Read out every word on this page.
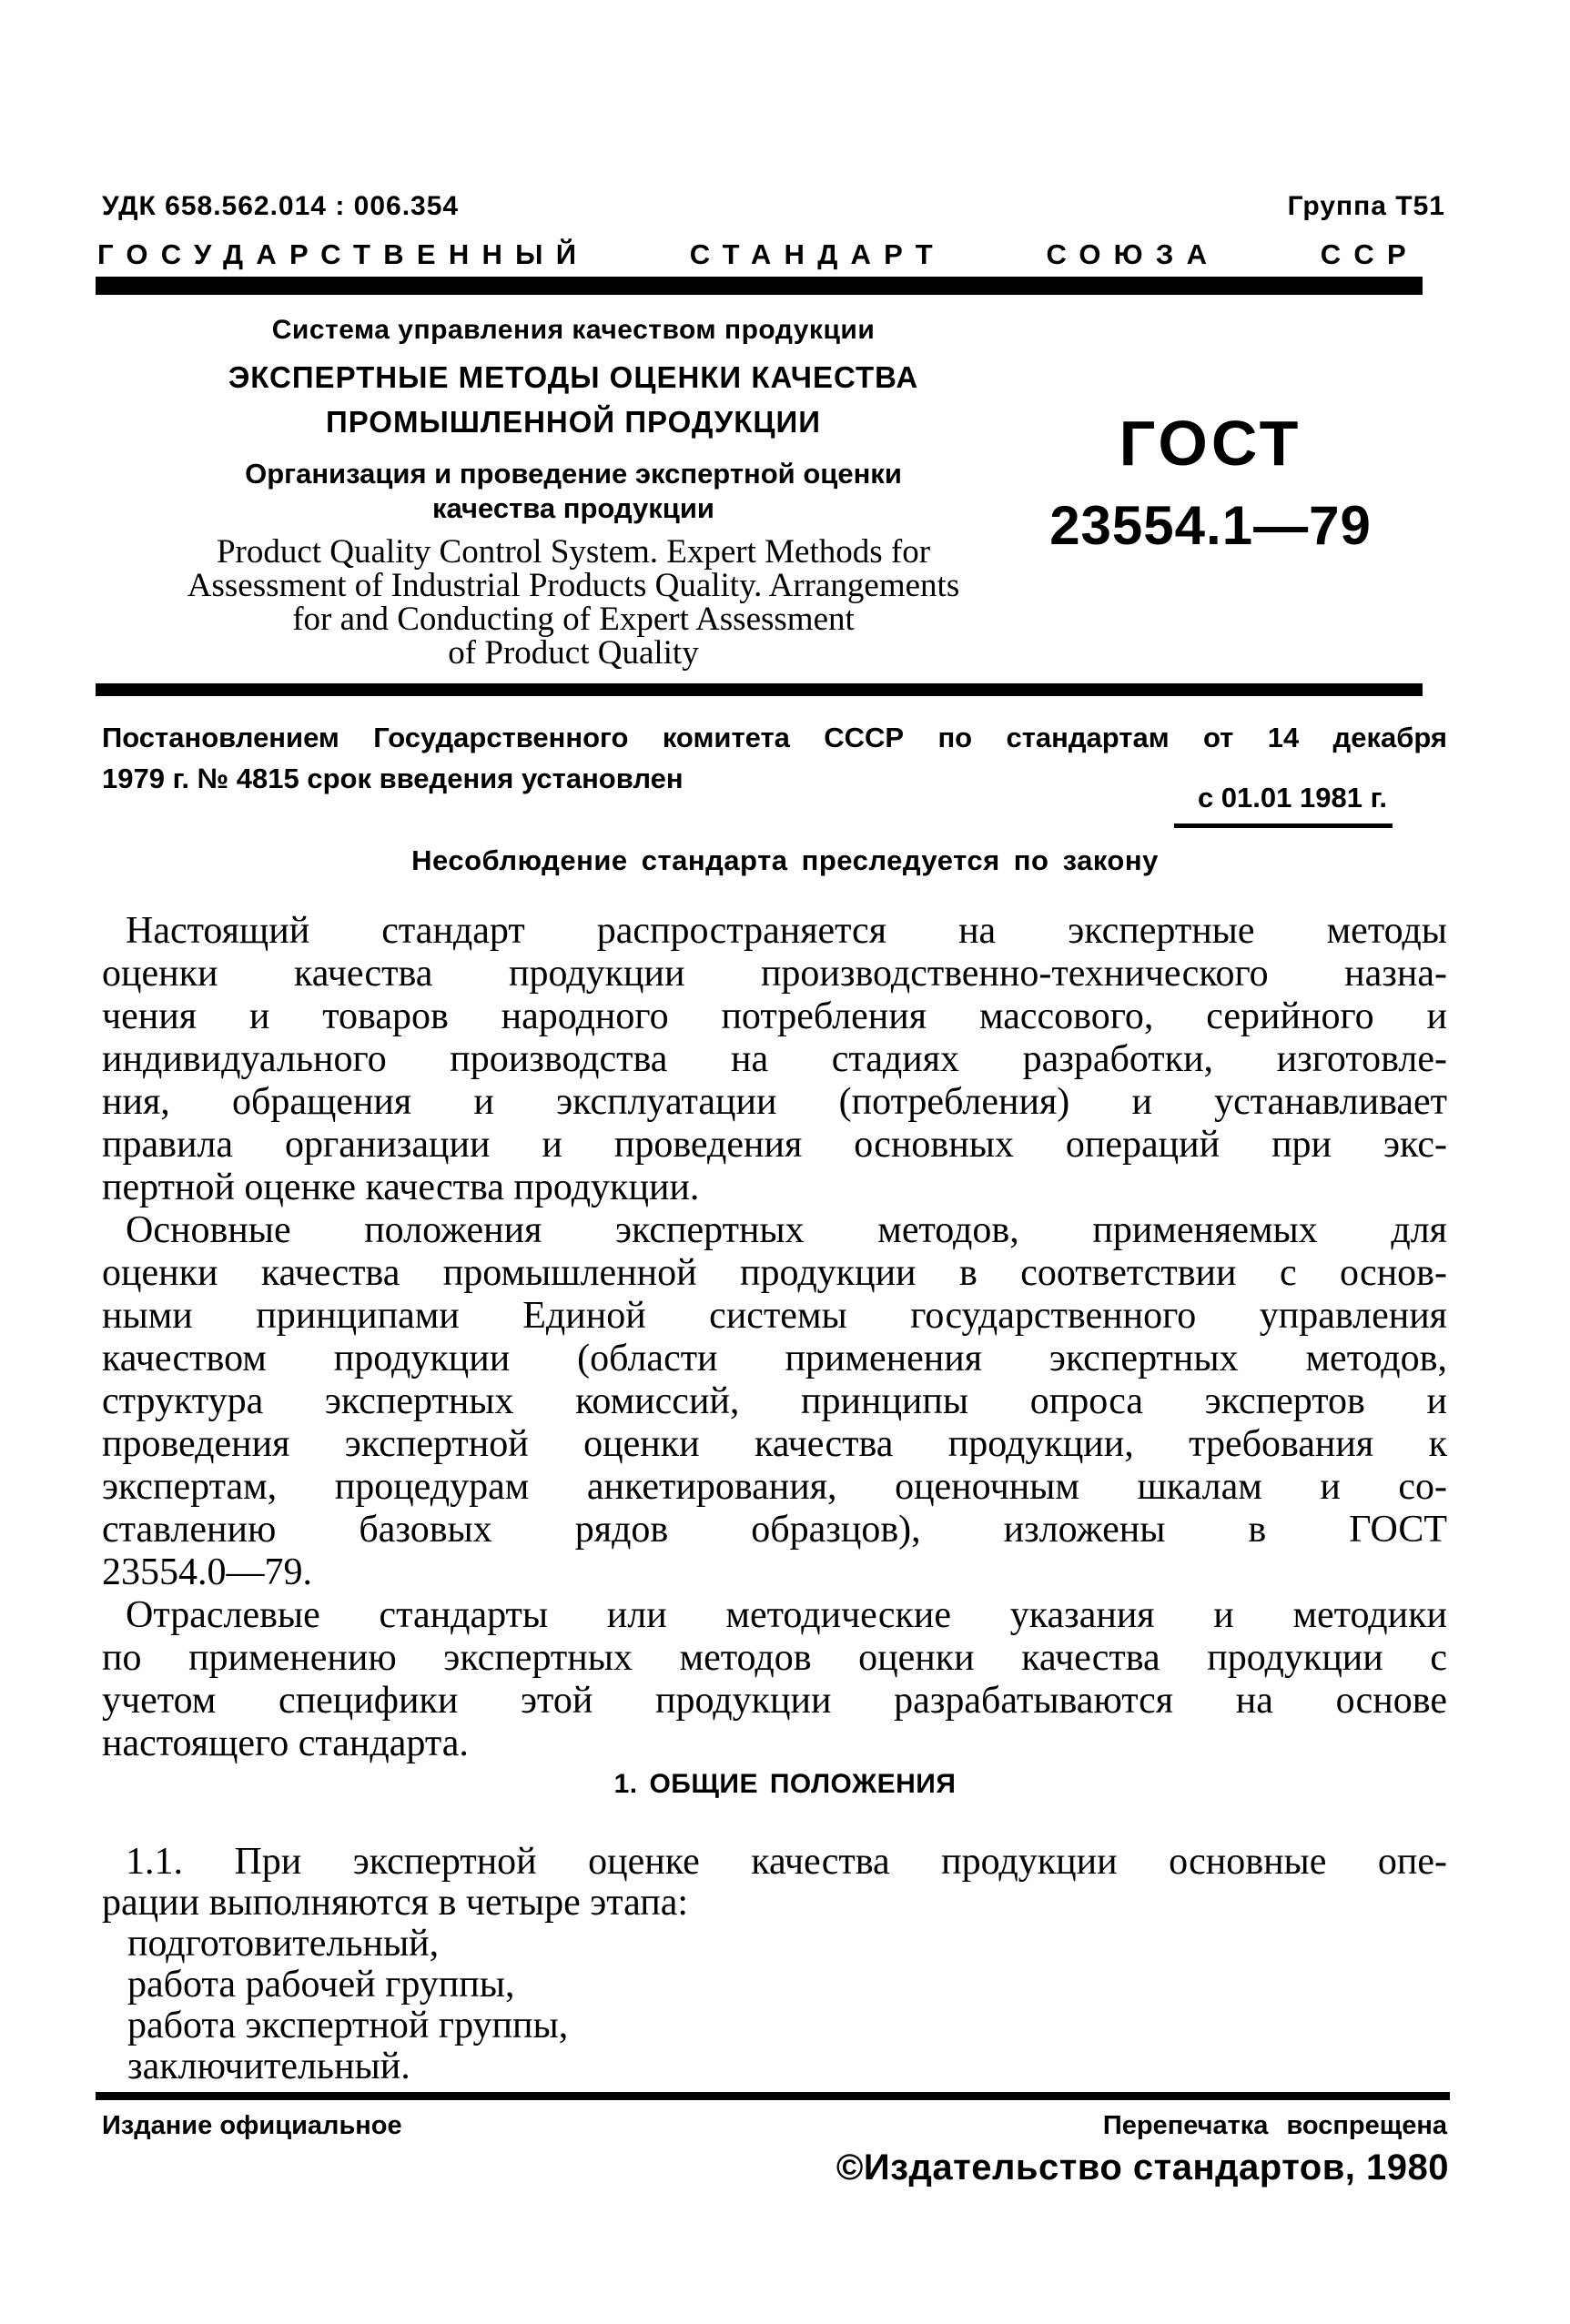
УДК 658.562.014 : 006.354	Группа Т51
ГОСУДАРСТВЕННЫЙ	СТАНДАРТ	СОЮЗА	ССР
Система управления качеством продукции
ЭКСПЕРТНЫЕ МЕТОДЫ ОЦЕНКИ КАЧЕСТВА
ПРОМЫШЛЕННОЙ ПРОДУКЦИИ
Организация и проведение экспертной оценки
качества продукции
Product Quality Control System. Expert Methods for
Assessment of Industrial Products Quality. Arrangements
for and Conducting of Expert Assessment
of Product Quality
ГОСТ
23554.1—79
Постановлением Государственного комитета СССР по стандартам от 14 декабря
1979 г. № 4815 срок введения установлен
с 01.01 1981 г.
Несоблюдение стандарта преследуется по закону
Настоящий стандарт распространяется на экспертные методы
оценки качества продукции производственно-технического назна-
чения и товаров народного потребления массового, серийного и
индивидуального производства на стадиях разработки, изготовле-
ния, обращения и эксплуатации (потребления) и устанавливает
правила организации и проведения основных операций при экс-
пертной оценке качества продукции.
Основные положения экспертных методов, применяемых для
оценки качества промышленной продукции в соответствии с основ-
ными принципами Единой системы государственного управления
качеством продукции (области применения экспертных методов,
структура экспертных комиссий, принципы опроса экспертов и
проведения экспертной оценки качества продукции, требования к
экспертам, процедурам анкетирования, оценочным шкалам и со-
ставлению базовых рядов образцов), изложены в ГОСТ
23554.0—79.
Отраслевые стандарты или методические указания и методики
по применению экспертных методов оценки качества продукции с
учетом специфики этой продукции разрабатываются на основе
настоящего стандарта.
1. ОБЩИЕ ПОЛОЖЕНИЯ
1.1. При экспертной оценке качества продукции основные опе-
рации выполняются в четыре этапа:
подготовительный,
работа рабочей группы,
работа экспертной группы,
заключительный.
Издание официальное	Перепечатка воспрещена
©Издательство стандартов, 1980
